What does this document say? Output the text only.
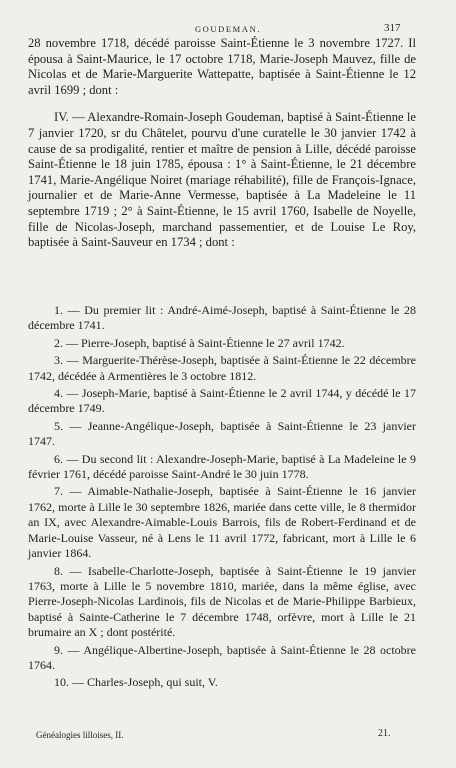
GOUDEMAN.	317

28 novembre 1718, décédé paroisse Saint-Étienne le 3 novembre 1727. Il épousa à Saint-Maurice, le 17 octobre 1718, Marie-Joseph Mauvez, fille de Nicolas et de Marie-Marguerite Wattepatte, baptisée à Saint-Étienne le 12 avril 1699 ; dont :

IV. — Alexandre-Romain-Joseph Goudeman, baptisé à Saint-Étienne le 7 janvier 1720, sr du Châtelet, pourvu d'une curatelle le 30 janvier 1742 à cause de sa prodigalité, rentier et maître de pension à Lille, décédé paroisse Saint-Étienne le 18 juin 1785, épousa : 1° à Saint-Étienne, le 21 décembre 1741, Marie-Angélique Noiret (mariage réhabilité), fille de François-Ignace, journalier et de Marie-Anne Vermesse, baptisée à La Madeleine le 11 septembre 1719 ; 2° à Saint-Étienne, le 15 avril 1760, Isabelle de Noyelle, fille de Nicolas-Joseph, marchand passementier, et de Louise Le Roy, baptisée à Saint-Sauveur en 1734 ; dont :

1. — Du premier lit : André-Aimé-Joseph, baptisé à Saint-Étienne le 28 décembre 1741.

2. — Pierre-Joseph, baptisé à Saint-Étienne le 27 avril 1742.

3. — Marguerite-Thérèse-Joseph, baptisée à Saint-Étienne le 22 décembre 1742, décédée à Armentières le 3 octobre 1812.

4. — Joseph-Marie, baptisé à Saint-Étienne le 2 avril 1744, y décédé le 17 décembre 1749.

5. — Jeanne-Angélique-Joseph, baptisée à Saint-Étienne le 23 janvier 1747.

6. — Du second lit : Alexandre-Joseph-Marie, baptisé à La Madeleine le 9 février 1761, décédé paroisse Saint-André le 30 juin 1778.

7. — Aimable-Nathalie-Joseph, baptisée à Saint-Étienne le 16 janvier 1762, morte à Lille le 30 septembre 1826, mariée dans cette ville, le 8 thermidor an IX, avec Alexandre-Aimable-Louis Barrois, fils de Robert-Ferdinand et de Marie-Louise Vasseur, né à Lens le 11 avril 1772, fabricant, mort à Lille le 6 janvier 1864.

8. — Isabelle-Charlotte-Joseph, baptisée à Saint-Étienne le 19 janvier 1763, morte à Lille le 5 novembre 1810, mariée, dans la même église, avec Pierre-Joseph-Nicolas Lardinois, fils de Nicolas et de Marie-Philippe Barbieux, baptisé à Sainte-Catherine le 7 décembre 1748, orfèvre, mort à Lille le 21 brumaire an X ; dont postérité.

9. — Angélique-Albertine-Joseph, baptisée à Saint-Étienne le 28 octobre 1764.

10. — Charles-Joseph, qui suit, V.

Généalogies lilloises, II.	21.
